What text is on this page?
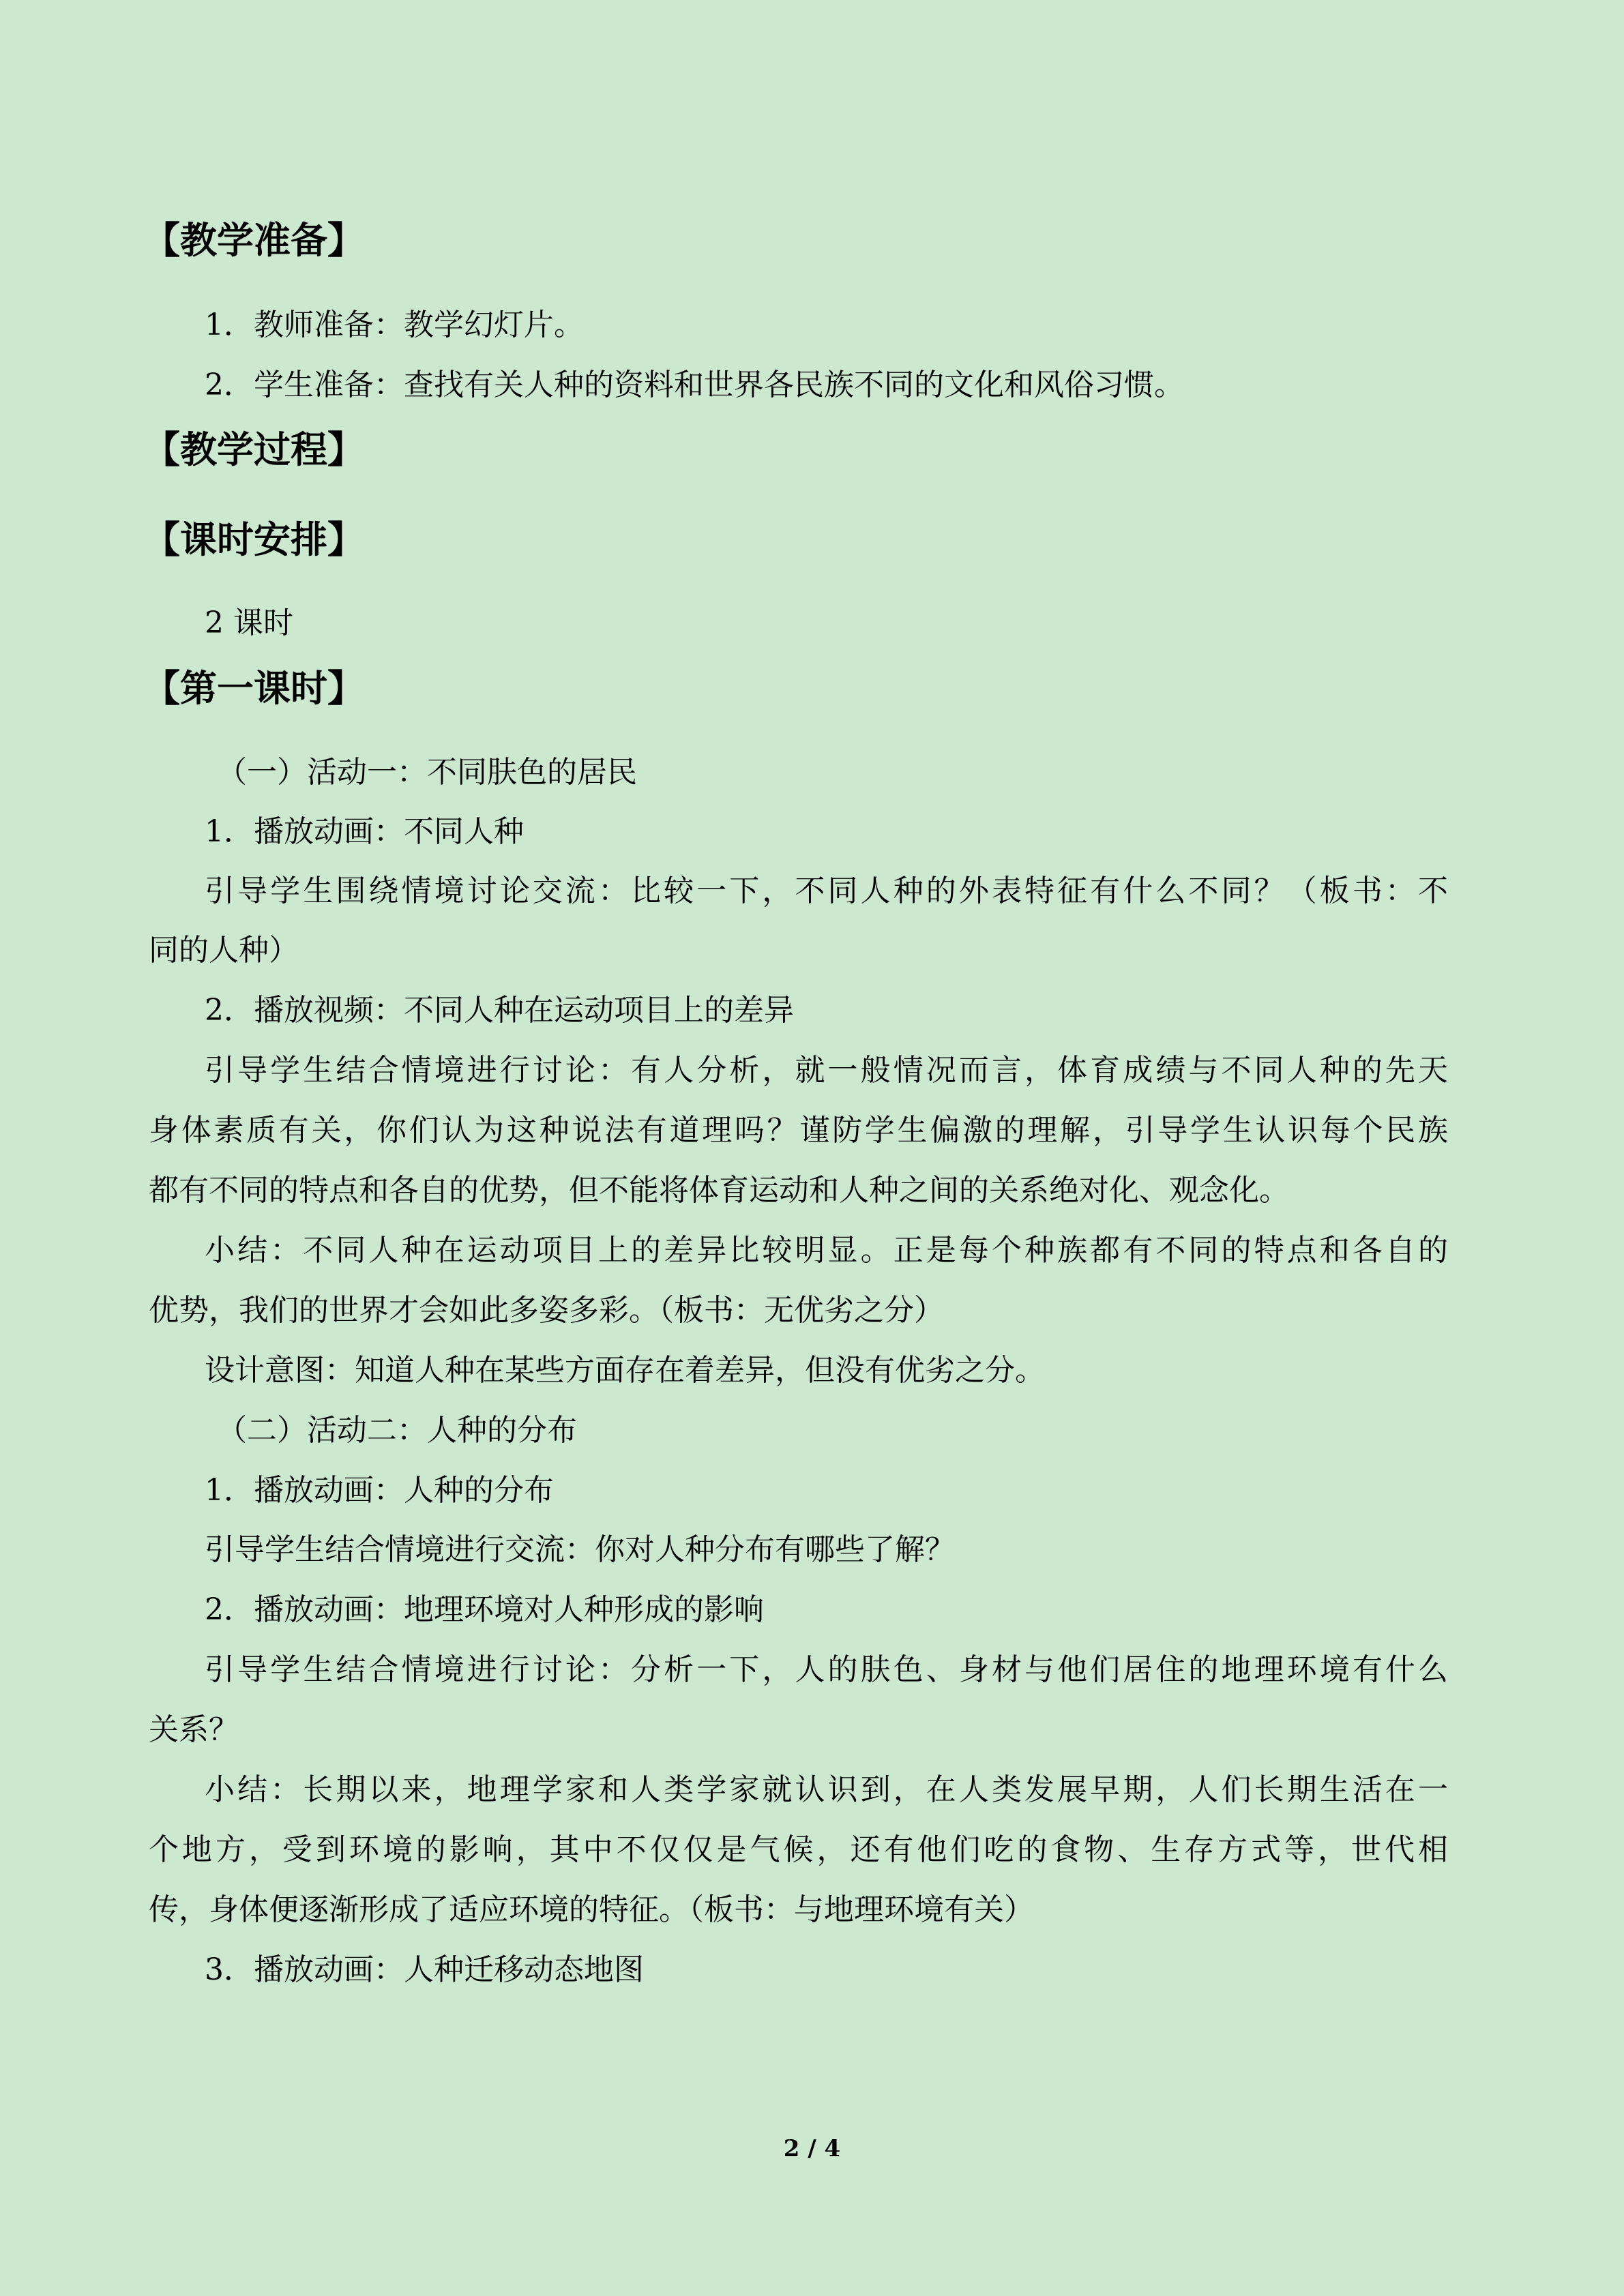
【教学准备】
1．教师准备：教学幻灯片。
2．学生准备：查找有关人种的资料和世界各民族不同的文化和风俗习惯。
【教学过程】
【课时安排】
2 课时
【第一课时】
（一）活动一：不同肤色的居民
1．播放动画：不同人种
引导学生围绕情境讨论交流：比较一下，不同人种的外表特征有什么不同？（板书：不
同的人种）
2．播放视频：不同人种在运动项目上的差异
引导学生结合情境进行讨论：有人分析，就一般情况而言，体育成绩与不同人种的先天
身体素质有关，你们认为这种说法有道理吗？谨防学生偏激的理解，引导学生认识每个民族
都有不同的特点和各自的优势，但不能将体育运动和人种之间的关系绝对化、观念化。
小结：不同人种在运动项目上的差异比较明显。正是每个种族都有不同的特点和各自的
优势，我们的世界才会如此多姿多彩。（板书：无优劣之分）
设计意图：知道人种在某些方面存在着差异，但没有优劣之分。
（二）活动二：人种的分布
1．播放动画：人种的分布
引导学生结合情境进行交流：你对人种分布有哪些了解？
2．播放动画：地理环境对人种形成的影响
引导学生结合情境进行讨论：分析一下，人的肤色、身材与他们居住的地理环境有什么
关系？
小结：长期以来，地理学家和人类学家就认识到，在人类发展早期，人们长期生活在一
个地方，受到环境的影响，其中不仅仅是气候，还有他们吃的食物、生存方式等，世代相
传，身体便逐渐形成了适应环境的特征。（板书：与地理环境有关）
3．播放动画：人种迁移动态地图
2 / 4
